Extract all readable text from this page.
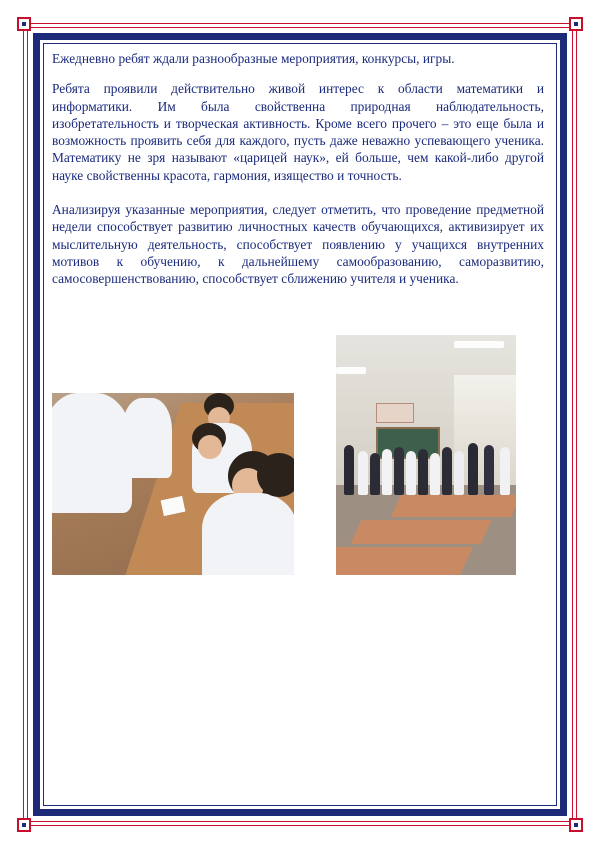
Ежедневно ребят ждали разнообразные мероприятия, конкурсы, игры.

Ребята проявили действительно живой интерес к области математики и информатики. Им была свойственна природная наблюдательность, изобретательность и творческая активность. Кроме всего прочего – это еще была и возможность проявить себя для каждого, пусть даже неважно успевающего ученика. Математику не зря называют «царицей наук», ей больше, чем какой-либо другой науке свойственны красота, гармония, изящество и точность.

Анализируя указанные мероприятия, следует отметить, что проведение предметной недели способствует развитию личностных качеств обучающихся, активизирует их мыслительную деятельность, способствует появлению у учащихся внутренних мотивов к обучению, к дальнейшему самообразованию, саморазвитию, самосовершенствованию, способствует сближению учителя и ученика.
